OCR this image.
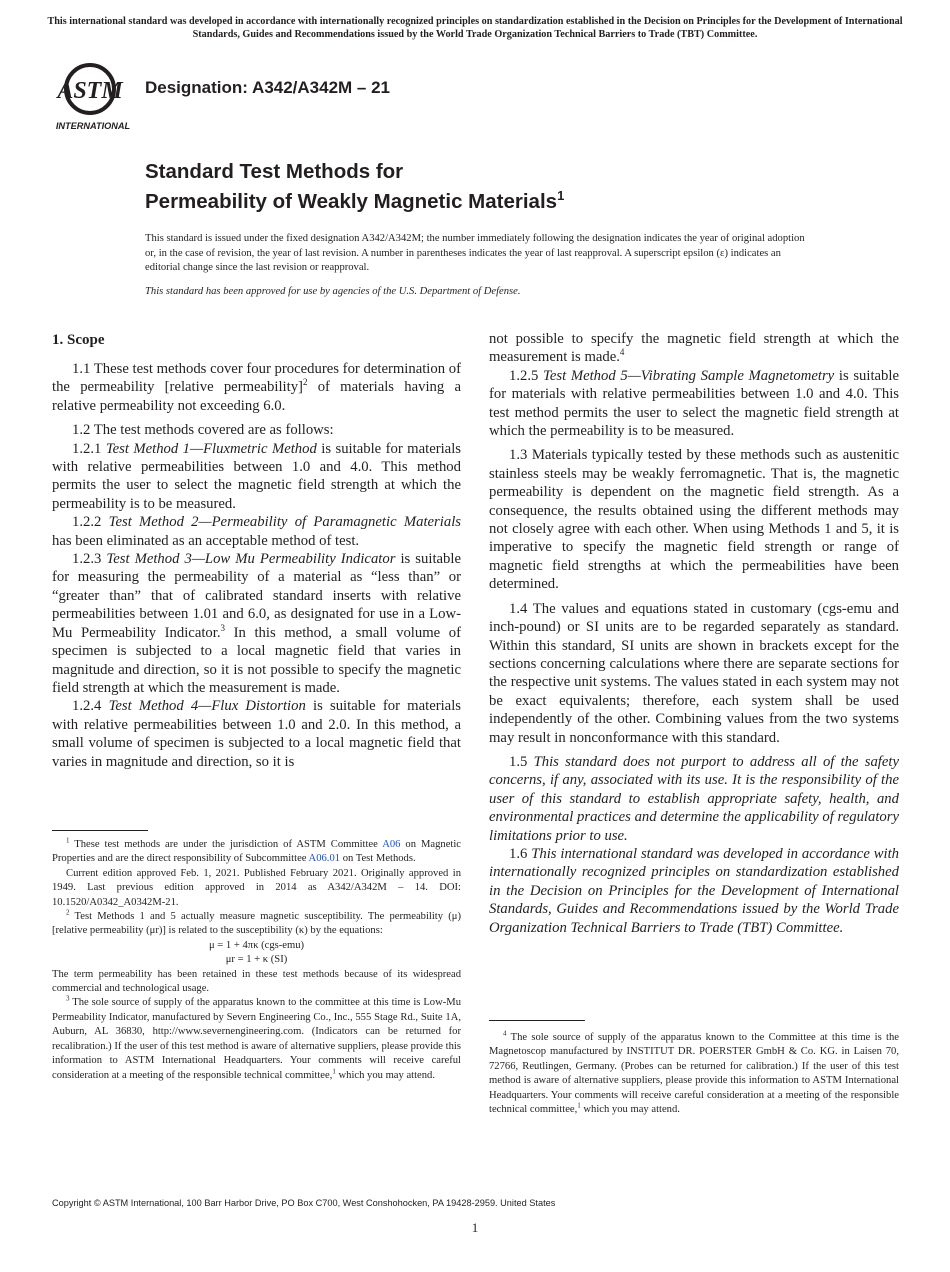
This international standard was developed in accordance with internationally recognized principles on standardization established in the Decision on Principles for the Development of International Standards, Guides and Recommendations issued by the World Trade Organization Technical Barriers to Trade (TBT) Committee.
ASTM
INTERNATIONAL
Designation: A342/A342M – 21
Standard Test Methods for
Permeability of Weakly Magnetic Materials$^1$
This standard is issued under the fixed designation A342/A342M; the number immediately following the designation indicates the year of original adoption or, in the case of revision, the year of last revision. A number in parentheses indicates the year of last reapproval. A superscript epsilon (ε) indicates an editorial change since the last revision or reapproval.
This standard has been approved for use by agencies of the U.S. Department of Defense.
1. Scope

1.1 These test methods cover four procedures for determination of the permeability [relative permeability]$^2$ of materials having a relative permeability not exceeding 6.0.

1.2 The test methods covered are as follows:

1.2.1 Test Method 1—Fluxmetric Method is suitable for materials with relative permeabilities between 1.0 and 4.0. This method permits the user to select the magnetic field strength at which the permeability is to be measured.

1.2.2 Test Method 2—Permeability of Paramagnetic Materials has been eliminated as an acceptable method of test.

1.2.3 Test Method 3—Low Mu Permeability Indicator is suitable for measuring the permeability of a material as “less than” or “greater than” that of calibrated standard inserts with relative permeabilities between 1.01 and 6.0, as designated for use in a Low-Mu Permeability Indicator.$^3$ In this method, a small volume of specimen is subjected to a local magnetic field that varies in magnitude and direction, so it is not possible to specify the magnetic field strength at which the measurement is made.

1.2.4 Test Method 4—Flux Distortion is suitable for materials with relative permeabilities between 1.0 and 2.0. In this method, a small volume of specimen is subjected to a local magnetic field that varies in magnitude and direction, so it is

not possible to specify the magnetic field strength at which the measurement is made.$^4$

1.2.5 Test Method 5—Vibrating Sample Magnetometry is suitable for materials with relative permeabilities between 1.0 and 4.0. This test method permits the user to select the magnetic field strength at which the permeability is to be measured.

1.3 Materials typically tested by these methods such as austenitic stainless steels may be weakly ferromagnetic. That is, the magnetic permeability is dependent on the magnetic field strength. As a consequence, the results obtained using the different methods may not closely agree with each other. When using Methods 1 and 5, it is imperative to specify the magnetic field strength or range of magnetic field strengths at which the permeabilities have been determined.

1.4 The values and equations stated in customary (cgs-emu and inch-pound) or SI units are to be regarded separately as standard. Within this standard, SI units are shown in brackets except for the sections concerning calculations where there are separate sections for the respective unit systems. The values stated in each system may not be exact equivalents; therefore, each system shall be used independently of the other. Combining values from the two systems may result in nonconformance with this standard.

1.5 This standard does not purport to address all of the safety concerns, if any, associated with its use. It is the responsibility of the user of this standard to establish appropriate safety, health, and environmental practices and determine the applicability of regulatory limitations prior to use.

1.6 This international standard was developed in accordance with internationally recognized principles on standardization established in the Decision on Principles for the Development of International Standards, Guides and Recommendations issued by the World Trade Organization Technical Barriers to Trade (TBT) Committee.

$^1$ These test methods are under the jurisdiction of ASTM Committee A06 on Magnetic Properties and are the direct responsibility of Subcommittee A06.01 on Test Methods.

Current edition approved Feb. 1, 2021. Published February 2021. Originally approved in 1949. Last previous edition approved in 2014 as A342/A342M – 14. DOI: 10.1520/A0342_A0342M-21.

$^2$ Test Methods 1 and 5 actually measure magnetic susceptibility. The permeability (μ) [relative permeability (μr)] is related to the susceptibility (κ) by the equations:

μ = 1 + 4πκ (cgs-emu)

μr = 1 + κ (SI)

The term permeability has been retained in these test methods because of its widespread commercial and technological usage.

$^3$ The sole source of supply of the apparatus known to the committee at this time is Low-Mu Permeability Indicator, manufactured by Severn Engineering Co., Inc., 555 Stage Rd., Suite 1A, Auburn, AL 36830, http://www.severnengineering.com. (Indicators can be returned for recalibration.) If the user of this test method is aware of alternative suppliers, please provide this information to ASTM International Headquarters. Your comments will receive careful consideration at a meeting of the responsible technical committee,$^1$ which you may attend.

$^4$ The sole source of supply of the apparatus known to the Committee at this time is the Magnetoscop manufactured by INSTITUT DR. POERSTER GmbH & Co. KG. in Laisen 70, 72766, Reutlingen, Germany. (Probes can be returned for calibration.) If the user of this test method is aware of alternative suppliers, please provide this information to ASTM International Headquarters. Your comments will receive careful consideration at a meeting of the responsible technical committee,$^1$ which you may attend.

Copyright © ASTM International, 100 Barr Harbor Drive, PO Box C700, West Conshohocken, PA 19428-2959. United States
1
